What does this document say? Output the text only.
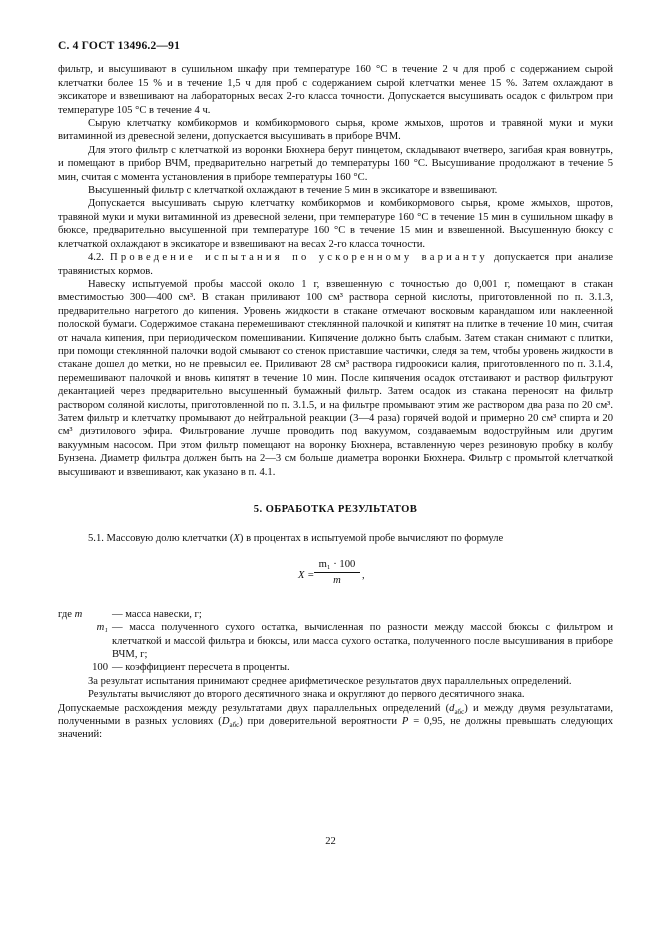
С. 4 ГОСТ 13496.2—91

фильтр, и высушивают в сушильном шкафу при температуре 160 °С в течение 2 ч для проб с содержанием сырой клетчатки более 15 % и в течение 1,5 ч для проб с содержанием сырой клетчатки менее 15 %. Затем охлаждают в эксикаторе и взвешивают на лабораторных весах 2-го класса точности. Допускается высушивать осадок с фильтром при температуре 105 °С в течение 4 ч.

Сырую клетчатку комбикормов и комбикормового сырья, кроме жмыхов, шротов и травяной муки и муки витаминной из древесной зелени, допускается высушивать в приборе ВЧМ.

Для этого фильтр с клетчаткой из воронки Бюхнера берут пинцетом, складывают вчетверо, загибая края вовнутрь, и помещают в прибор ВЧМ, предварительно нагретый до температуры 160 °С. Высушивание продолжают в течение 5 мин, считая с момента установления в приборе температуры 160 °С.

Высушенный фильтр с клетчаткой охлаждают в течение 5 мин в эксикаторе и взвешивают.

Допускается высушивать сырую клетчатку комбикормов и комбикормового сырья, кроме жмыхов, шротов, травяной муки и муки витаминной из древесной зелени, при температуре 160 °С в течение 15 мин в сушильном шкафу в бюксе, предварительно высушенной при температуре 160 °С в течение 15 мин и взвешенной. Высушенную бюксу с клетчаткой охлаждают в эксикаторе и взвешивают на весах 2-го класса точности.

4.2. Проведение испытания по ускоренному варианту допускается при анализе травянистых кормов.

Навеску испытуемой пробы массой около 1 г, взвешенную с точностью до 0,001 г, помещают в стакан вместимостью 300—400 см³. В стакан приливают 100 см³ раствора серной кислоты, приготовленной по п. 3.1.3, предварительно нагретого до кипения. Уровень жидкости в стакане отмечают восковым карандашом или наклеенной полоской бумаги. Содержимое стакана перемешивают стеклянной палочкой и кипятят на плитке в течение 10 мин, считая от начала кипения, при периодическом помешивании. Кипячение должно быть слабым. Затем стакан снимают с плитки, при помощи стеклянной палочки водой смывают со стенок приставшие частички, следя за тем, чтобы уровень жидкости в стакане дошел до метки, но не превысил ее. Приливают 28 см³ раствора гидроокиси калия, приготовленного по п. 3.1.4, перемешивают палочкой и вновь кипятят в течение 10 мин. После кипячения осадок отстаивают и раствор фильтруют декантацией через предварительно высушенный бумажный фильтр. Затем осадок из стакана переносят на фильтр раствором соляной кислоты, приготовленной по п. 3.1.5, и на фильтре промывают этим же раствором два раза по 20 см³. Затем фильтр и клетчатку промывают до нейтральной реакции (3—4 раза) горячей водой и примерно 20 см³ спирта и 20 см³ диэтилового эфира. Фильтрование лучше проводить под вакуумом, создаваемым водоструйным или другим вакуумным насосом. При этом фильтр помещают на воронку Бюхнера, вставленную через резиновую пробку в колбу Бунзена. Диаметр фильтра должен быть на 2—3 см больше диаметра воронки Бюхнера. Фильтр с промытой клетчаткой высушивают и взвешивают, как указано в п. 4.1.

5. ОБРАБОТКА РЕЗУЛЬТАТОВ

5.1. Массовую долю клетчатки (X) в процентах в испытуемой пробе вычисляют по формуле

$X = \frac{\text{m₁ · 100}}{m}$ ,
где m	— масса навески, г;
m₁ — масса полученного сухого остатка, вычисленная по разности между массой бюксы с фильтром и клетчаткой и массой фильтра и бюксы, или масса сухого остатка, полученного после высушивания в приборе ВЧМ, г;
100 — коэффициент пересчета в проценты.

За результат испытания принимают среднее арифметическое результатов двух параллельных определений.

Результаты вычисляют до второго десятичного знака и округляют до первого десятичного знака.

Допускаемые расхождения между результатами двух параллельных определений $(d_{абс})$ и между двумя результатами, полученными в разных условиях $(D_{абс})$ при доверительной вероятности P = 0,95, не должны превышать следующих значений:

22
